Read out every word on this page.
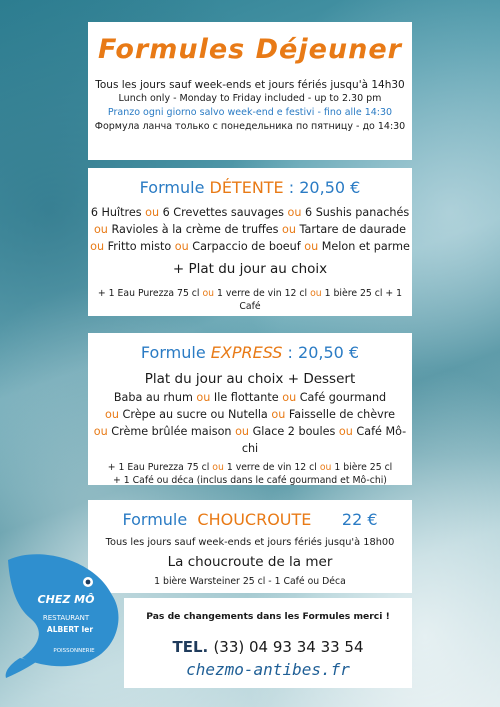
Formules Déjeuner
Tous les jours sauf week-ends et jours fériés jusqu'à 14h30
Lunch only - Monday to Friday included - up to 2.30 pm
Pranzo ogni giorno salvo week-end e festivi - fino alle 14:30
Формула ланча только с понедельника по пятницу - до 14:30
Formule DÉTENTE : 20,50 €
6 Huîtres ou 6 Crevettes sauvages ou 6 Sushis panachés
ou Ravioles à la crème de truffes ou Tartare de daurade
ou Fritto misto ou Carpaccio de boeuf ou Melon et parme
+ Plat du jour au choix
+ 1 Eau Purezza 75 cl ou 1 verre de vin 12 cl ou 1 bière 25 cl + 1 Café
Formule EXPRESS : 20,50 €
Plat du jour au choix + Dessert
Baba au rhum ou Ile flottante ou Café gourmand
ou Crèpe au sucre ou Nutella ou Faisselle de chèvre
ou Crème brûlée maison ou Glace 2 boules ou Café Mô-chi
+ 1 Eau Purezza 75 cl ou 1 verre de vin 12 cl ou 1 bière 25 cl
+ 1 Café ou déca (inclus dans le café gourmand et Mô-chi)
Formule CHOUCROUTE 22 €
Tous les jours sauf week-ends et jours fériés jusqu'à 18h00
La choucroute de la mer
1 bière Warsteiner 25 cl - 1 Café ou Déca
Pas de changements dans les Formules merci !
TEL. (33) 04 93 34 33 54
chezmo-antibes.fr
CHEZ MÔ
RESTAURANT
ALBERT Ier
POISSONNERIE
